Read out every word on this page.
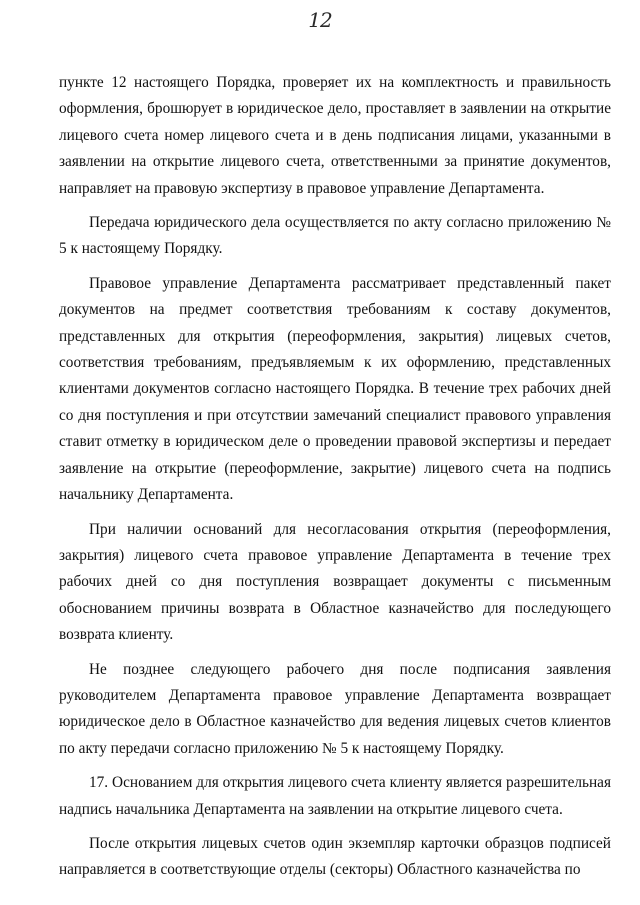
12

пункте 12 настоящего Порядка, проверяет их на комплектность и правильность оформления, брошюрует в юридическое дело, проставляет в заявлении на открытие лицевого счета номер лицевого счета и в день подписания лицами, указанными в заявлении на открытие лицевого счета, ответственными за принятие документов, направляет на правовую экспертизу в правовое управление Департамента.

Передача юридического дела осуществляется по акту согласно приложению № 5 к настоящему Порядку.

Правовое управление Департамента рассматривает представленный пакет документов на предмет соответствия требованиям к составу документов, представленных для открытия (переоформления, закрытия) лицевых счетов, соответствия требованиям, предъявляемым к их оформлению, представленных клиентами документов согласно настоящего Порядка. В течение трех рабочих дней со дня поступления и при отсутствии замечаний специалист правового управления ставит отметку в юридическом деле о проведении правовой экспертизы и передает заявление на открытие (переоформление, закрытие) лицевого счета на подпись начальнику Департамента.

При наличии оснований для несогласования открытия (переоформления, закрытия) лицевого счета правовое управление Департамента в течение трех рабочих дней со дня поступления возвращает документы с письменным обоснованием причины возврата в Областное казначейство для последующего возврата клиенту.

Не позднее следующего рабочего дня после подписания заявления руководителем Департамента правовое управление Департамента возвращает юридическое дело в Областное казначейство для ведения лицевых счетов клиентов по акту передачи согласно приложению № 5 к настоящему Порядку.

17. Основанием для открытия лицевого счета клиенту является разрешительная надпись начальника Департамента на заявлении на открытие лицевого счета.

После открытия лицевых счетов один экземпляр карточки образцов подписей направляется в соответствующие отделы (секторы) Областного казначейства по
